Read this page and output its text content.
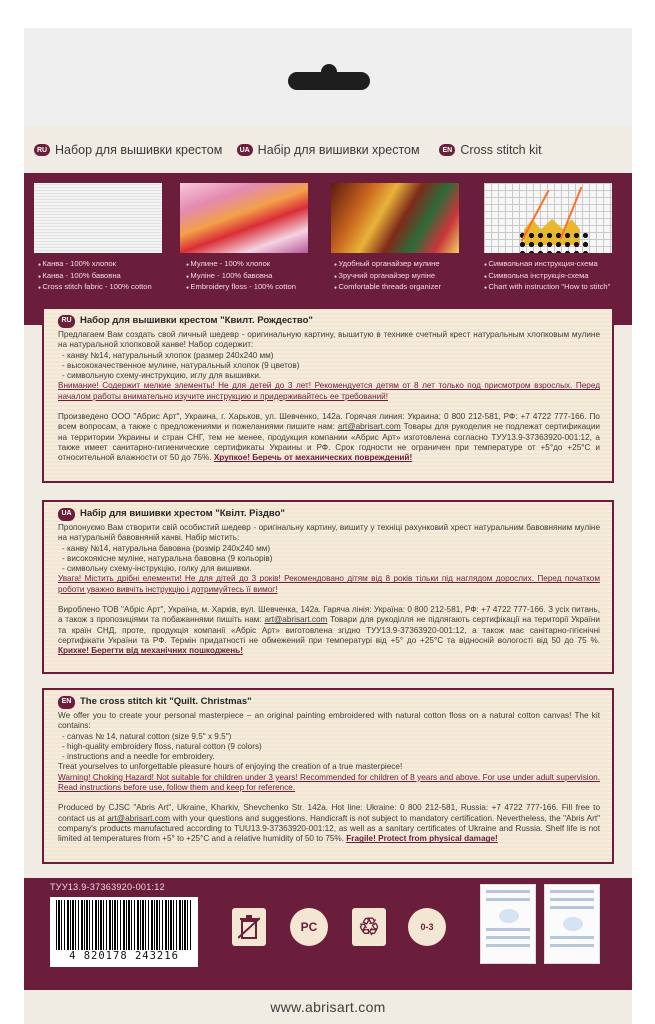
RU Набор для вышивки крестом	UA Набір для вишивки хрестом	EN Cross stitch kit
● Канва - 100% хлопок
● Канва - 100% бавовна
● Cross stitch fabric - 100% cotton
● Мулине - 100% хлопок
● Муліне - 100% бавовна
● Embroidery floss - 100% cotton
● Удобный органайзер мулине
● Зручний органайзер муліне
● Comfortable threads organizer
● Символьная инструкция-схема
● Символьна інструкція-схема
● Chart with instruction "How to stitch"
RU Набор для вышивки крестом "Квилт. Рождество"

Предлагаем Вам создать свой личный шедевр - оригинальную картину, вышитую в технике счетный крест натуральным хлопковым мулине на натуральной хлопковой канве! Набор содержит:

- канву №14, натуральный хлопок (размер 240х240 мм)

- высококачественное мулине, натуральный хлопок (9 цветов)

- символьную схему-инструкцию, иглу для вышивки.

Внимание! Содержит мелкие элементы! Не для детей до 3 лет! Рекомендуется детям от 8 лет только под присмотром взрослых. Перед началом работы внимательно изучите инструкцию и придерживайтесь ее требований!

Произведено ООО "Абрис Арт", Украина, г. Харьков, ул. Шевченко, 142а. Горячая линия: Украина: 0 800 212-581, РФ: +7 4722 777-166. По всем вопросам, а также с предложениями и пожеланиями пишите нам: art@abrisart.com Товары для рукоделия не подлежат сертификации на территории Украины и стран СНГ, тем не менее, продукция компании «Абрис Арт» изготовлена согласно ТУУ13.9-37363920-001:12, а также имеет санитарно-гигиенические сертификаты Украины и РФ. Срок годности не ограничен при температуре от +5°до +25°С и относительной влажности от 50 до 75%. Хрупкое! Беречь от механических повреждений!

UA Набір для вишивки хрестом "Квілт. Різдво"

Пропонуємо Вам створити свій особистий шедевр - оригінальну картину, вишиту у техніці рахунковий хрест натуральним бавовняним муліне на натуральній бавовняній канві. Набір містить:

- канву №14, натуральна бавовна (розмір 240х240 мм)

- високоякісне муліне, натуральна бавовна (9 кольорів)

- символьну схему-інструкцію, голку для вишивки.

Увага! Містить дрібні елементи! Не для дітей до 3 років! Рекомендовано дітям від 8 років тільки під наглядом дорослих. Перед початком роботи уважно вивчіть інструкцію і дотримуйтесь її вимог!

Вироблено ТОВ "Абріс Арт", Україна, м. Харків, вул. Шевченка, 142а. Гаряча лінія: Україна: 0 800 212-581, РФ: +7 4722 777-166. З усіх питань, а також з пропозиціями та побажаннями пишіть нам: art@abrisart.com Товари для рукоділля не підлягають сертифікації на території України та країн СНД, проте, продукція компанії «Абріс Арт» виготовлена згідно ТУУ13.9-37363920-001:12, а також має санітарно-гігієнічні сертифікати України та РФ. Термін придатності не обмежений при температурі від +5° до +25°С та відносній вологості від 50 до 75 %. Крихке! Берегти від механічних пошкоджень!

EN The cross stitch kit "Quilt. Christmas"

We offer you to create your personal masterpiece – an original painting embroidered with natural cotton floss on a natural cotton canvas! The kit contains:

- canvas № 14, natural cotton (size 9.5" x 9.5")

- high-quality embroidery floss, natural cotton (9 colors)

- instructions and a needle for embroidery.

Treat yourselves to unforgettable pleasure hours of enjoying the creation of a true masterpiece!

Warning! Choking Hazard! Not suitable for children under 3 years! Recommended for children of 8 years and above. For use under adult supervision. Read instructions before use, follow them and keep for reference.

Produced by CJSC "Abris Art", Ukraine, Kharkiv, Shevchenko Str. 142a. Hot line: Ukraine: 0 800 212-581, Russia: +7 4722 777-166. Fill free to contact us at art@abrisart.com with your questions and suggestions. Handicraft is not subject to mandatory certification. Nevertheless, the "Abris Art" company's products manufactured according to TUU13.9-37363920-001:12, as well as a sanitary certificates of Ukraine and Russia. Shelf life is not limited at temperatures from +5° to +25°C and a relative humidity of 50 to 75%. Fragile! Protect from physical damage!

ТУУ13.9-37363920-001:12
4 820178 243216
PC ♲	0-3
www.abrisart.com
